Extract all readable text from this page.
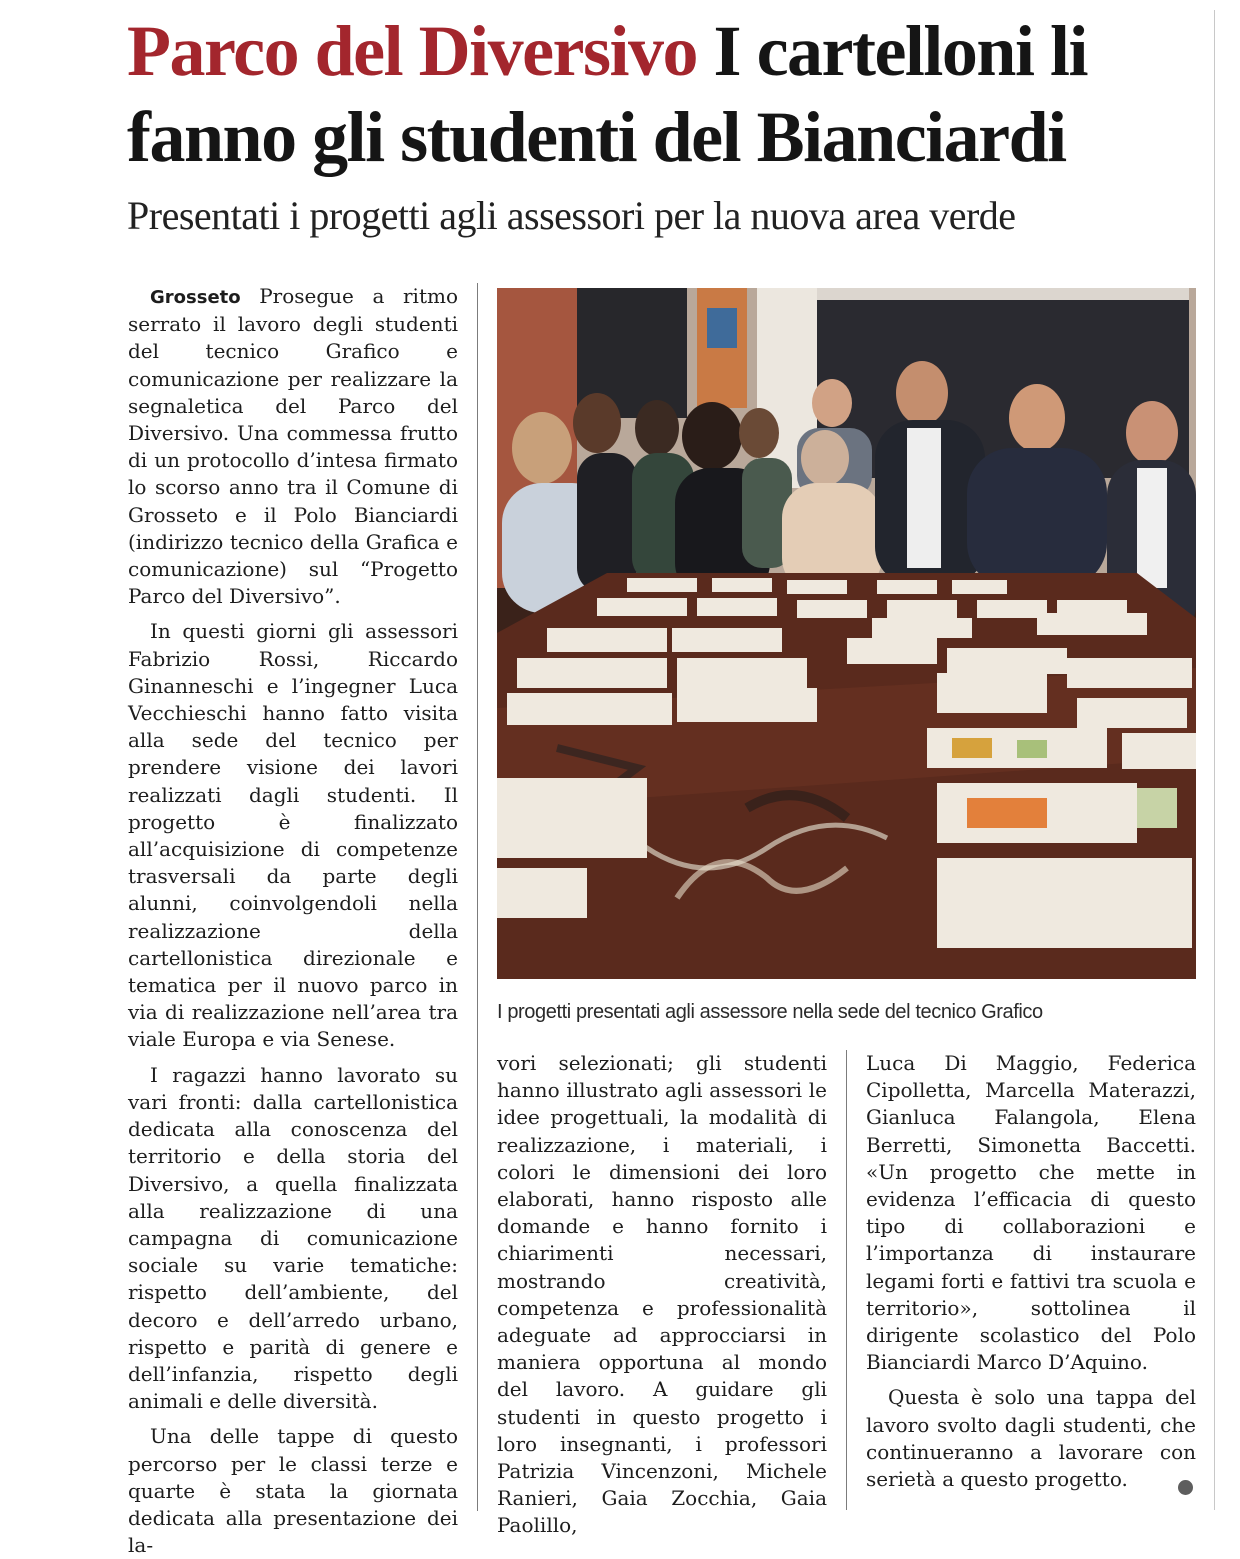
Parco del Diversivo I cartelloni li fanno gli studenti del Bianciardi
Presentati i progetti agli assessori per la nuova area verde

Grosseto Prosegue a ritmo serrato il lavoro degli studenti del tecnico Grafico e comunicazione per realizzare la segnaletica del Parco del Diversivo. Una commessa frutto di un protocollo d’intesa firmato lo scorso anno tra il Comune di Grosseto e il Polo Bianciardi (indirizzo tecnico della Grafica e comunicazione) sul “Progetto Parco del Diversivo”.

In questi giorni gli assessori Fabrizio Rossi, Riccardo Ginanneschi e l’ingegner Luca Vecchieschi hanno fatto visita alla sede del tecnico per prendere visione dei lavori realizzati dagli studenti. Il progetto è finalizzato all’acquisizione di competenze trasversali da parte degli alunni, coinvolgendoli nella realizzazione della cartellonistica direzionale e tematica per il nuovo parco in via di realizzazione nell’area tra viale Europa e via Senese.

I ragazzi hanno lavorato su vari fronti: dalla cartellonistica dedicata alla conoscenza del territorio e della storia del Diversivo, a quella finalizzata alla realizzazione di una campagna di comunicazione sociale su varie tematiche: rispetto dell’ambiente, del decoro e dell’arredo urbano, rispetto e parità di genere e dell’infanzia, rispetto degli animali e delle diversità.

Una delle tappe di questo percorso per le classi terze e quarte è stata la giornata dedicata alla presentazione dei la-

I progetti presentati agli assessore nella sede del tecnico Grafico

vori selezionati; gli studenti hanno illustrato agli assessori le idee progettuali, la modalità di realizzazione, i materiali, i colori le dimensioni dei loro elaborati, hanno risposto alle domande e hanno fornito i chiarimenti necessari, mostrando creatività, competenza e professionalità adeguate ad approcciarsi in maniera opportuna al mondo del lavoro. A guidare gli studenti in questo progetto i loro insegnanti, i professori Patrizia Vincenzoni, Michele Ranieri, Gaia Zocchia, Gaia Paolillo,

Luca Di Maggio, Federica Cipolletta, Marcella Materazzi, Gianluca Falangola, Elena Berretti, Simonetta Baccetti. «Un progetto che mette in evidenza l’efficacia di questo tipo di collaborazioni e l’importanza di instaurare legami forti e fattivi tra scuola e territorio», sottolinea il dirigente scolastico del Polo Bianciardi Marco D’Aquino.

Questa è solo una tappa del lavoro svolto dagli studenti, che continueranno a lavorare con serietà a questo progetto.
